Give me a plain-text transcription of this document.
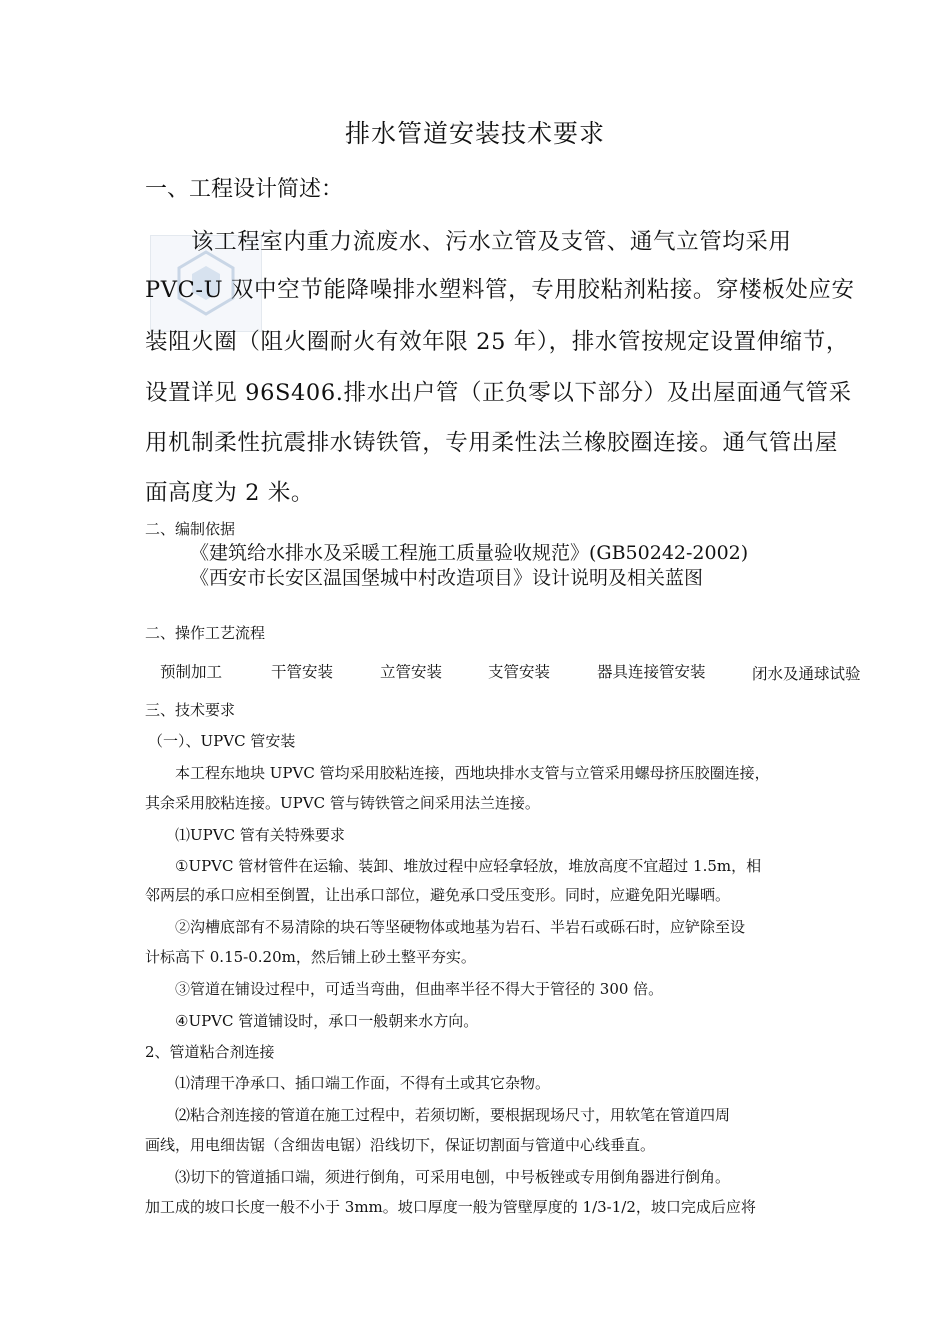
排水管道安装技术要求
一、工程设计简述：
该工程室内重力流废水、污水立管及支管、通气立管均采用
PVC-U 双中空节能降噪排水塑料管，专用胶粘剂粘接。穿楼板处应安
装阻火圈（阻火圈耐火有效年限 25 年），排水管按规定设置伸缩节，
设置详见 96S406.排水出户管（正负零以下部分）及出屋面通气管采
用机制柔性抗震排水铸铁管，专用柔性法兰橡胶圈连接。通气管出屋
面高度为 2 米。
二、编制依据
《建筑给水排水及采暖工程施工质量验收规范》(GB50242-2002)
《西安市长安区温国堡城中村改造项目》设计说明及相关蓝图
二、操作工艺流程
预制加工	干管安装	立管安装	支管安装	器具连接管安装	闭水及通球试验
三、技术要求
（一）、UPVC 管安装
本工程东地块 UPVC 管均采用胶粘连接，西地块排水支管与立管采用螺母挤压胶圈连接，
其余采用胶粘连接。UPVC 管与铸铁管之间采用法兰连接。
⑴UPVC 管有关特殊要求
①UPVC 管材管件在运输、装卸、堆放过程中应轻拿轻放，堆放高度不宜超过 1.5m，相
邻两层的承口应相至倒置，让出承口部位，避免承口受压变形。同时，应避免阳光曝晒。
②沟槽底部有不易清除的块石等坚硬物体或地基为岩石、半岩石或砾石时，应铲除至设
计标高下 0.15-0.20m，然后铺上砂土整平夯实。
③管道在铺设过程中，可适当弯曲，但曲率半径不得大于管径的 300 倍。
④UPVC 管道铺设时，承口一般朝来水方向。
2、管道粘合剂连接
⑴清理干净承口、插口端工作面，不得有土或其它杂物。
⑵粘合剂连接的管道在施工过程中，若须切断，要根据现场尺寸，用软笔在管道四周
画线，用电细齿锯（含细齿电锯）沿线切下，保证切割面与管道中心线垂直。
⑶切下的管道插口端，须进行倒角，可采用电刨，中号板锉或专用倒角器进行倒角。
加工成的坡口长度一般不小于 3mm。坡口厚度一般为管壁厚度的 1/3-1/2，坡口完成后应将
